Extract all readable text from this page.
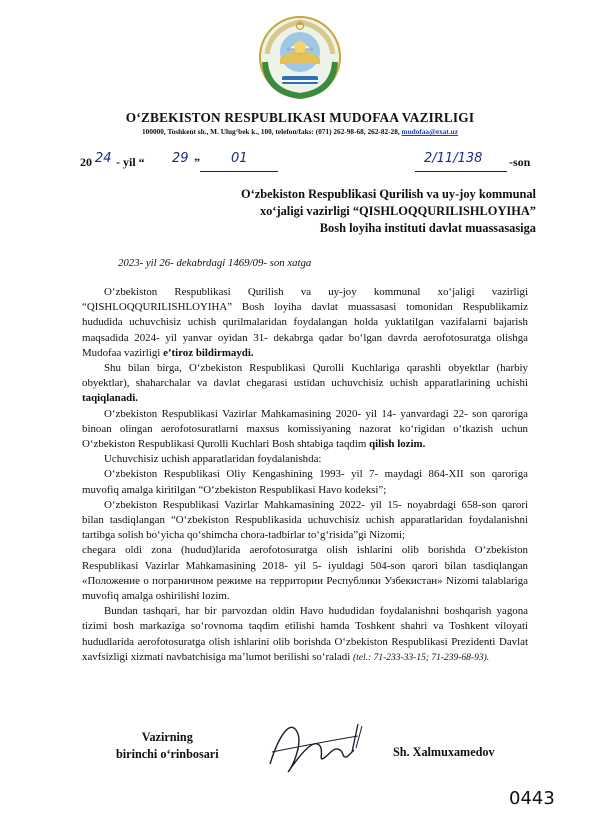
O‘ZBEKISTON RESPUBLIKASI MUDOFAA VAZIRLIGI
100000, Toshkent sh., M. Ulug‘bek k., 100, telefon/faks: (071) 262-98-68, 262-82-28, mudofaa@exat.uz
20 24 - yil “ 29 ” 01	2/11/138 -son
O‘zbekiston Respublikasi Qurilish va uy-joy kommunal
xo‘jaligi vazirligi “QISHLOQQURILISHLOYIHA”
Bosh loyiha instituti davlat muassasasiga
2023- yil 26- dekabrdagi 1469/09- son xatga

O‘zbekiston Respublikasi Qurilish va uy-joy kommunal xo‘jaligi vazirligi “QISHLOQQURILISHLOYIHA” Bosh loyiha davlat muassasasi tomonidan Respublikamiz hududida uchuvchisiz uchish qurilmalaridan foydalangan holda yuklatilgan vazifalarni bajarish maqsadida 2024- yil yanvar oyidan 31- dekabrga qadar bo‘lgan davrda aerofotosuratga olishga Mudofaa vazirligi e’tiroz bildirmaydi.

Shu bilan birga, O‘zbekiston Respublikasi Qurolli Kuchlariga qarashli obyektlar (harbiy obyektlar), shaharchalar va davlat chegarasi ustidan uchuvchisiz uchish apparatlarining uchishi taqiqlanadi.

O‘zbekiston Respublikasi Vazirlar Mahkamasining 2020- yil 14- yanvardagi 22- son qaroriga binoan olingan aerofotosuratlarni maxsus komissiyaning nazorat ko‘rigidan o‘tkazish uchun O‘zbekiston Respublikasi Qurolli Kuchlari Bosh shtabiga taqdim qilish lozim.

Uchuvchisiz uchish apparatlaridan foydalanishda:

O‘zbekiston Respublikasi Oliy Kengashining 1993- yil 7- maydagi 864-XII son qaroriga muvofiq amalga kiritilgan “O‘zbekiston Respublikasi Havo kodeksi”;

O‘zbekiston Respublikasi Vazirlar Mahkamasining 2022- yil 15- noyabrdagi 658-son qarori bilan tasdiqlangan “O‘zbekiston Respublikasida uchuvchisiz uchish apparatlaridan foydalanishni tartibga solish bo‘yicha qo‘shimcha chora-tadbirlar to‘g‘risida”gi Nizomi;

chegara oldi zona (hudud)larida aerofotosuratga olish ishlarini olib borishda O‘zbekiston Respublikasi Vazirlar Mahkamasining 2018- yil 5- iyuldagi 504-son qarori bilan tasdiqlangan «Положение о пограничном режиме на территории Республики Узбекистан» Nizomi talablariga muvofiq amalga oshirilishi lozim.

Bundan tashqari, har bir parvozdan oldin Havo hududidan foydalanishni boshqarish yagona tizimi bosh markaziga so‘rovnoma taqdim etilishi hamda Toshkent shahri va Toshkent viloyati hududlarida aerofotosuratga olish ishlarini olib borishda O‘zbekiston Respublikasi Prezidenti Davlat xavfsizligi xizmati navbatchisiga ma’lumot berilishi so‘raladi (tel.: 71-233-33-15; 71-239-68-93).

Vazirning
birinchi o‘rinbosari	Sh. Xalmuxamedov
0443
